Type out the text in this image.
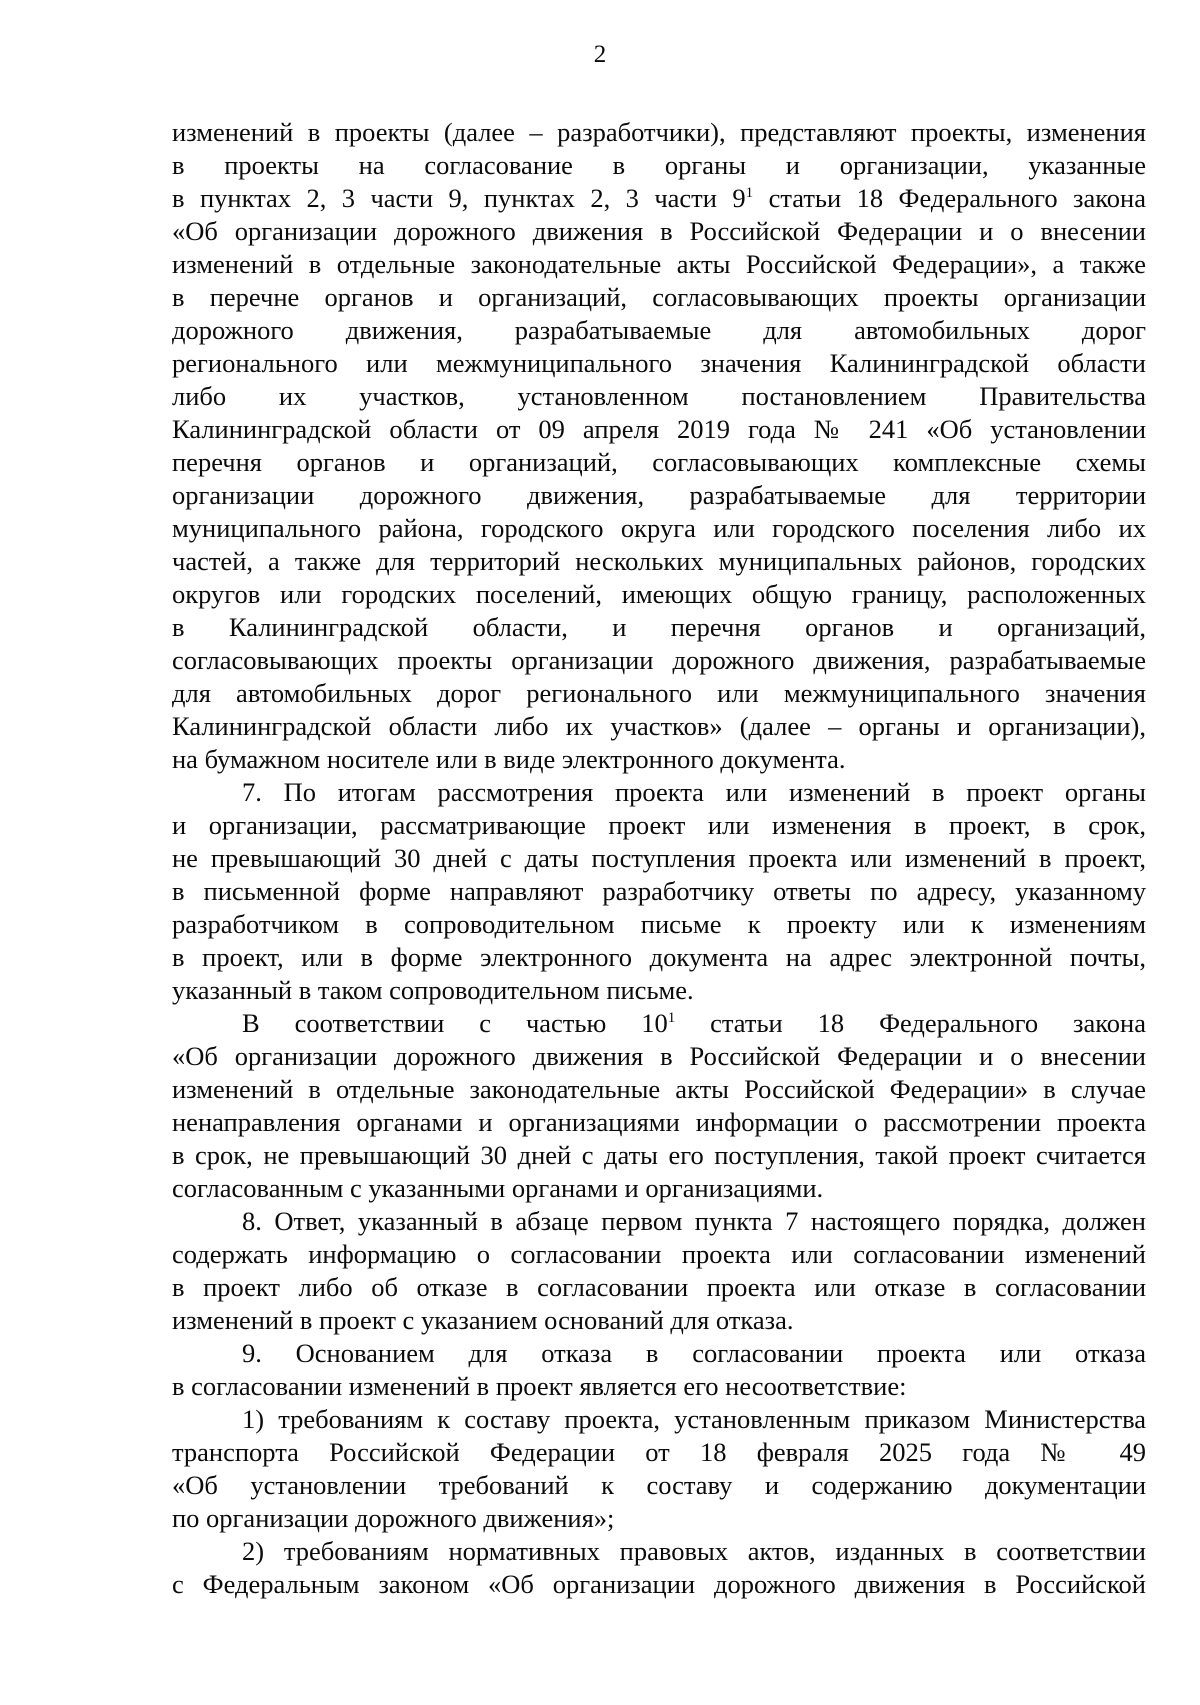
2
изменений в проекты (далее – разработчики), представляют проекты, изменения
в проекты на согласование в органы и организации, указанные
в пунктах 2, 3 части 9, пунктах 2, 3 части $9^1$ статьи 18 Федерального закона
«Об организации дорожного движения в Российской Федерации и о внесении
изменений в отдельные законодательные акты Российской Федерации», а также
в перечне органов и организаций, согласовывающих проекты организации
дорожного движения, разрабатываемые для автомобильных дорог
регионального или межмуниципального значения Калининградской области
либо их участков, установленном постановлением Правительства
Калининградской области от 09 апреля 2019 года № 241 «Об установлении
перечня органов и организаций, согласовывающих комплексные схемы
организации дорожного движения, разрабатываемые для территории
муниципального района, городского округа или городского поселения либо их
частей, а также для территорий нескольких муниципальных районов, городских
округов или городских поселений, имеющих общую границу, расположенных
в Калининградской области, и перечня органов и организаций,
согласовывающих проекты организации дорожного движения, разрабатываемые
для автомобильных дорог регионального или межмуниципального значения
Калининградской области либо их участков» (далее – органы и организации),
на бумажном носителе или в виде электронного документа.
7. По итогам рассмотрения проекта или изменений в проект органы
и организации, рассматривающие проект или изменения в проект, в срок,
не превышающий 30 дней с даты поступления проекта или изменений в проект,
в письменной форме направляют разработчику ответы по адресу, указанному
разработчиком в сопроводительном письме к проекту или к изменениям
в проект, или в форме электронного документа на адрес электронной почты,
указанный в таком сопроводительном письме.
В соответствии с частью $10^1$ статьи 18 Федерального закона
«Об организации дорожного движения в Российской Федерации и о внесении
изменений в отдельные законодательные акты Российской Федерации» в случае
ненаправления органами и организациями информации о рассмотрении проекта
в срок, не превышающий 30 дней с даты его поступления, такой проект считается
согласованным с указанными органами и организациями.
8. Ответ, указанный в абзаце первом пункта 7 настоящего порядка, должен
содержать информацию о согласовании проекта или согласовании изменений
в проект либо об отказе в согласовании проекта или отказе в согласовании
изменений в проект с указанием оснований для отказа.
9. Основанием для отказа в согласовании проекта или отказа
в согласовании изменений в проект является его несоответствие:
1) требованиям к составу проекта, установленным приказом Министерства
транспорта Российской Федерации от 18 февраля 2025 года № 49
«Об установлении требований к составу и содержанию документации
по организации дорожного движения»;
2) требованиям нормативных правовых актов, изданных в соответствии
с Федеральным законом «Об организации дорожного движения в Российской
